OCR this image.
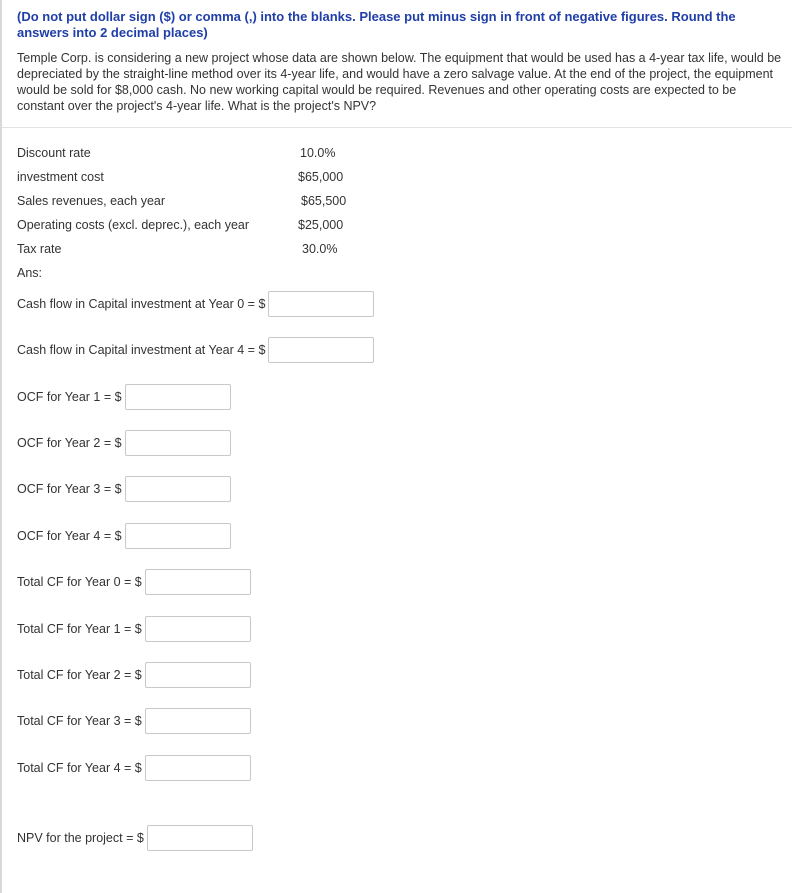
(Do not put dollar sign ($) or comma (,) into the blanks. Please put minus sign in front of negative figures. Round the answers into 2 decimal places)
Temple Corp. is considering a new project whose data are shown below. The equipment that would be used has a 4-year tax life, would be depreciated by the straight-line method over its 4-year life, and would have a zero salvage value. At the end of the project, the equipment would be sold for $8,000 cash. No new working capital would be required. Revenues and other operating costs are expected to be constant over the project's 4-year life. What is the project's NPV?
Discount rate	10.0%
investment cost	$65,000
Sales revenues, each year	$65,500
Operating costs (excl. deprec.), each year	$25,000
Tax rate	30.0%
Ans:
Cash flow in Capital investment at Year 0 = $
Cash flow in Capital investment at Year 4 = $
OCF for Year 1 = $
OCF for Year 2 = $
OCF for Year 3 = $
OCF for Year 4 = $
Total CF for Year 0 = $
Total CF for Year 1 = $
Total CF for Year 2 = $
Total CF for Year 3 = $
Total CF for Year 4 = $
NPV for the project = $
